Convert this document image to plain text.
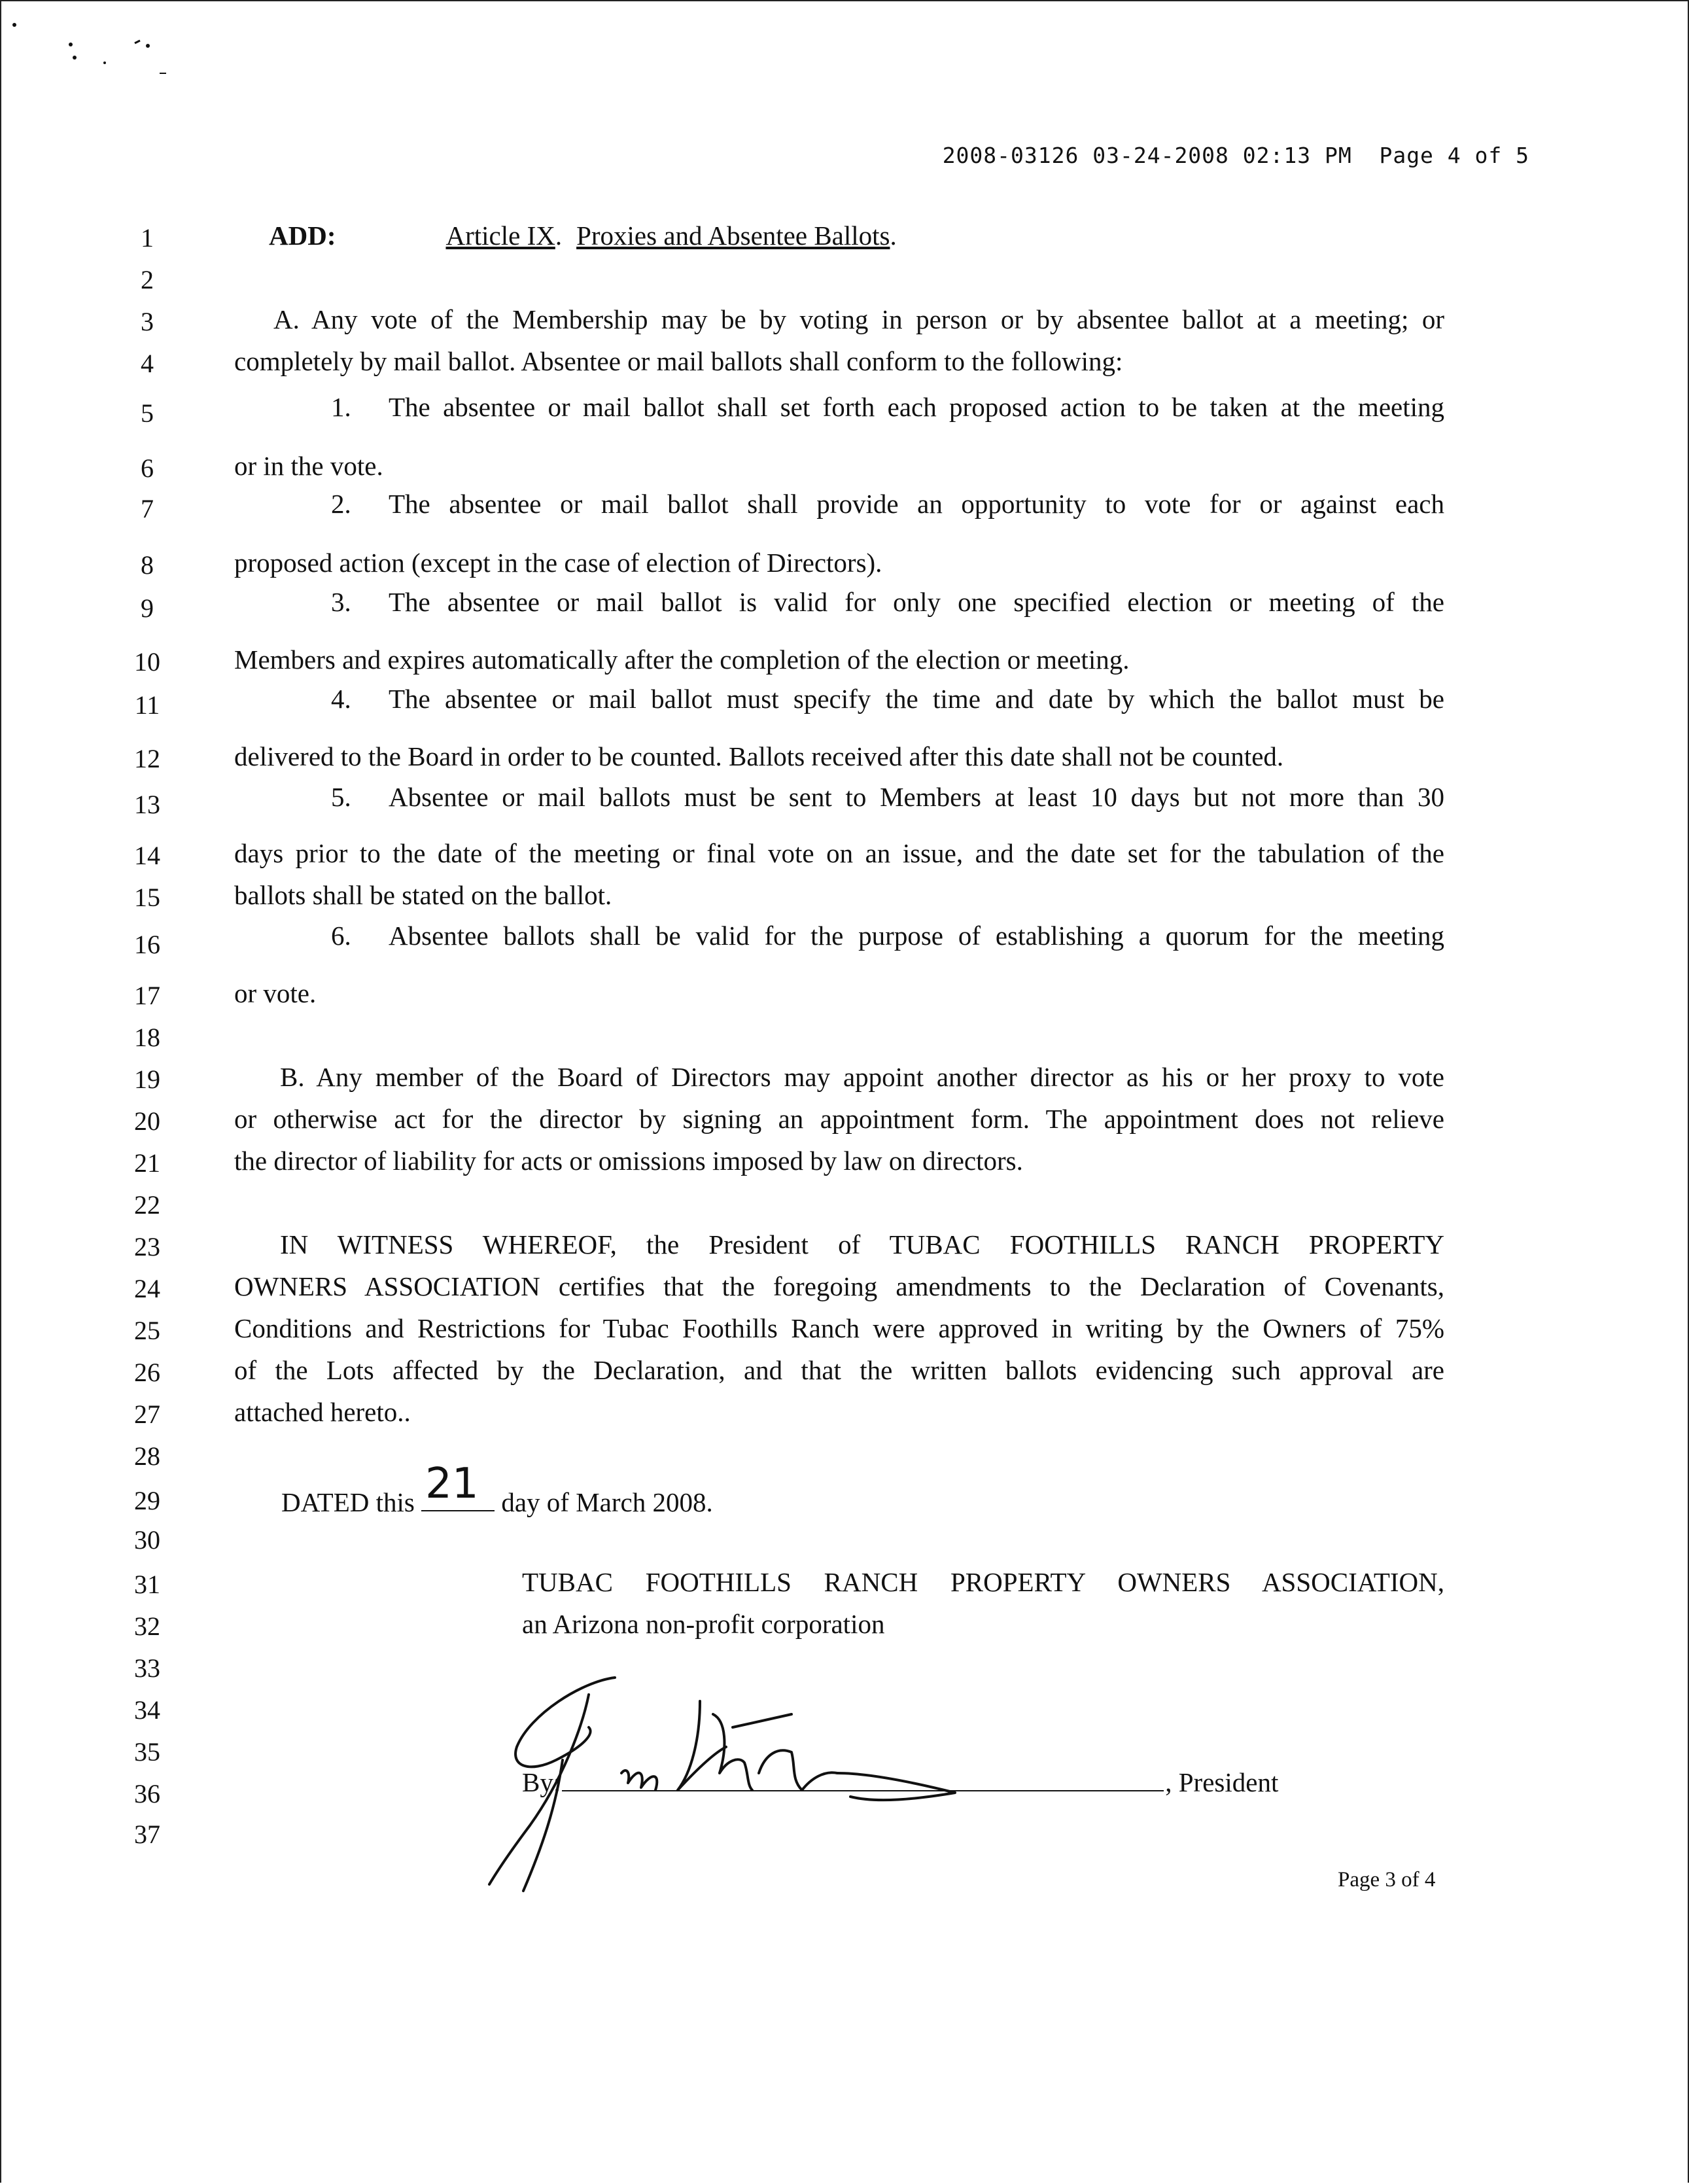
2008-03126 03-24-2008 02:13 PM  Page 4 of 5
1
2
3
4
5
6
7
8
9
10
11
12
13
14
15
16
17
18
19
20
21
22
23
24
25
26
27
28
29
30
31
32
33
34
35
36
37
ADD:	Article IX. Proxies and Absentee Ballots.
A. Any vote of the Membership may be by voting in person or by absentee ballot at a meeting; or
completely by mail ballot. Absentee or mail ballots shall conform to the following:
1. The absentee or mail ballot shall set forth each proposed action to be taken at the meeting
or in the vote.
2. The absentee or mail ballot shall provide an opportunity to vote for or against each
proposed action (except in the case of election of Directors).
3. The absentee or mail ballot is valid for only one specified election or meeting of the
Members and expires automatically after the completion of the election or meeting.
4. The absentee or mail ballot must specify the time and date by which the ballot must be
delivered to the Board in order to be counted. Ballots received after this date shall not be counted.
5. Absentee or mail ballots must be sent to Members at least 10 days but not more than 30
days prior to the date of the meeting or final vote on an issue, and the date set for the tabulation of the
ballots shall be stated on the ballot.
6. Absentee ballots shall be valid for the purpose of establishing a quorum for the meeting
or vote.
B. Any member of the Board of Directors may appoint another director as his or her proxy to vote
or otherwise act for the director by signing an appointment form. The appointment does not relieve
the director of liability for acts or omissions imposed by law on directors.
IN WITNESS WHEREOF, the President of TUBAC FOOTHILLS RANCH PROPERTY
OWNERS ASSOCIATION certifies that the foregoing amendments to the Declaration of Covenants,
Conditions and Restrictions for Tubac Foothills Ranch were approved in writing by the Owners of 75%
of the Lots affected by the Declaration, and that the written ballots evidencing such approval are
attached hereto..
DATED this 21 day of March 2008.
TUBAC FOOTHILLS RANCH PROPERTY OWNERS ASSOCIATION,
an Arizona non-profit corporation
By:	, President
Page 3 of 4
